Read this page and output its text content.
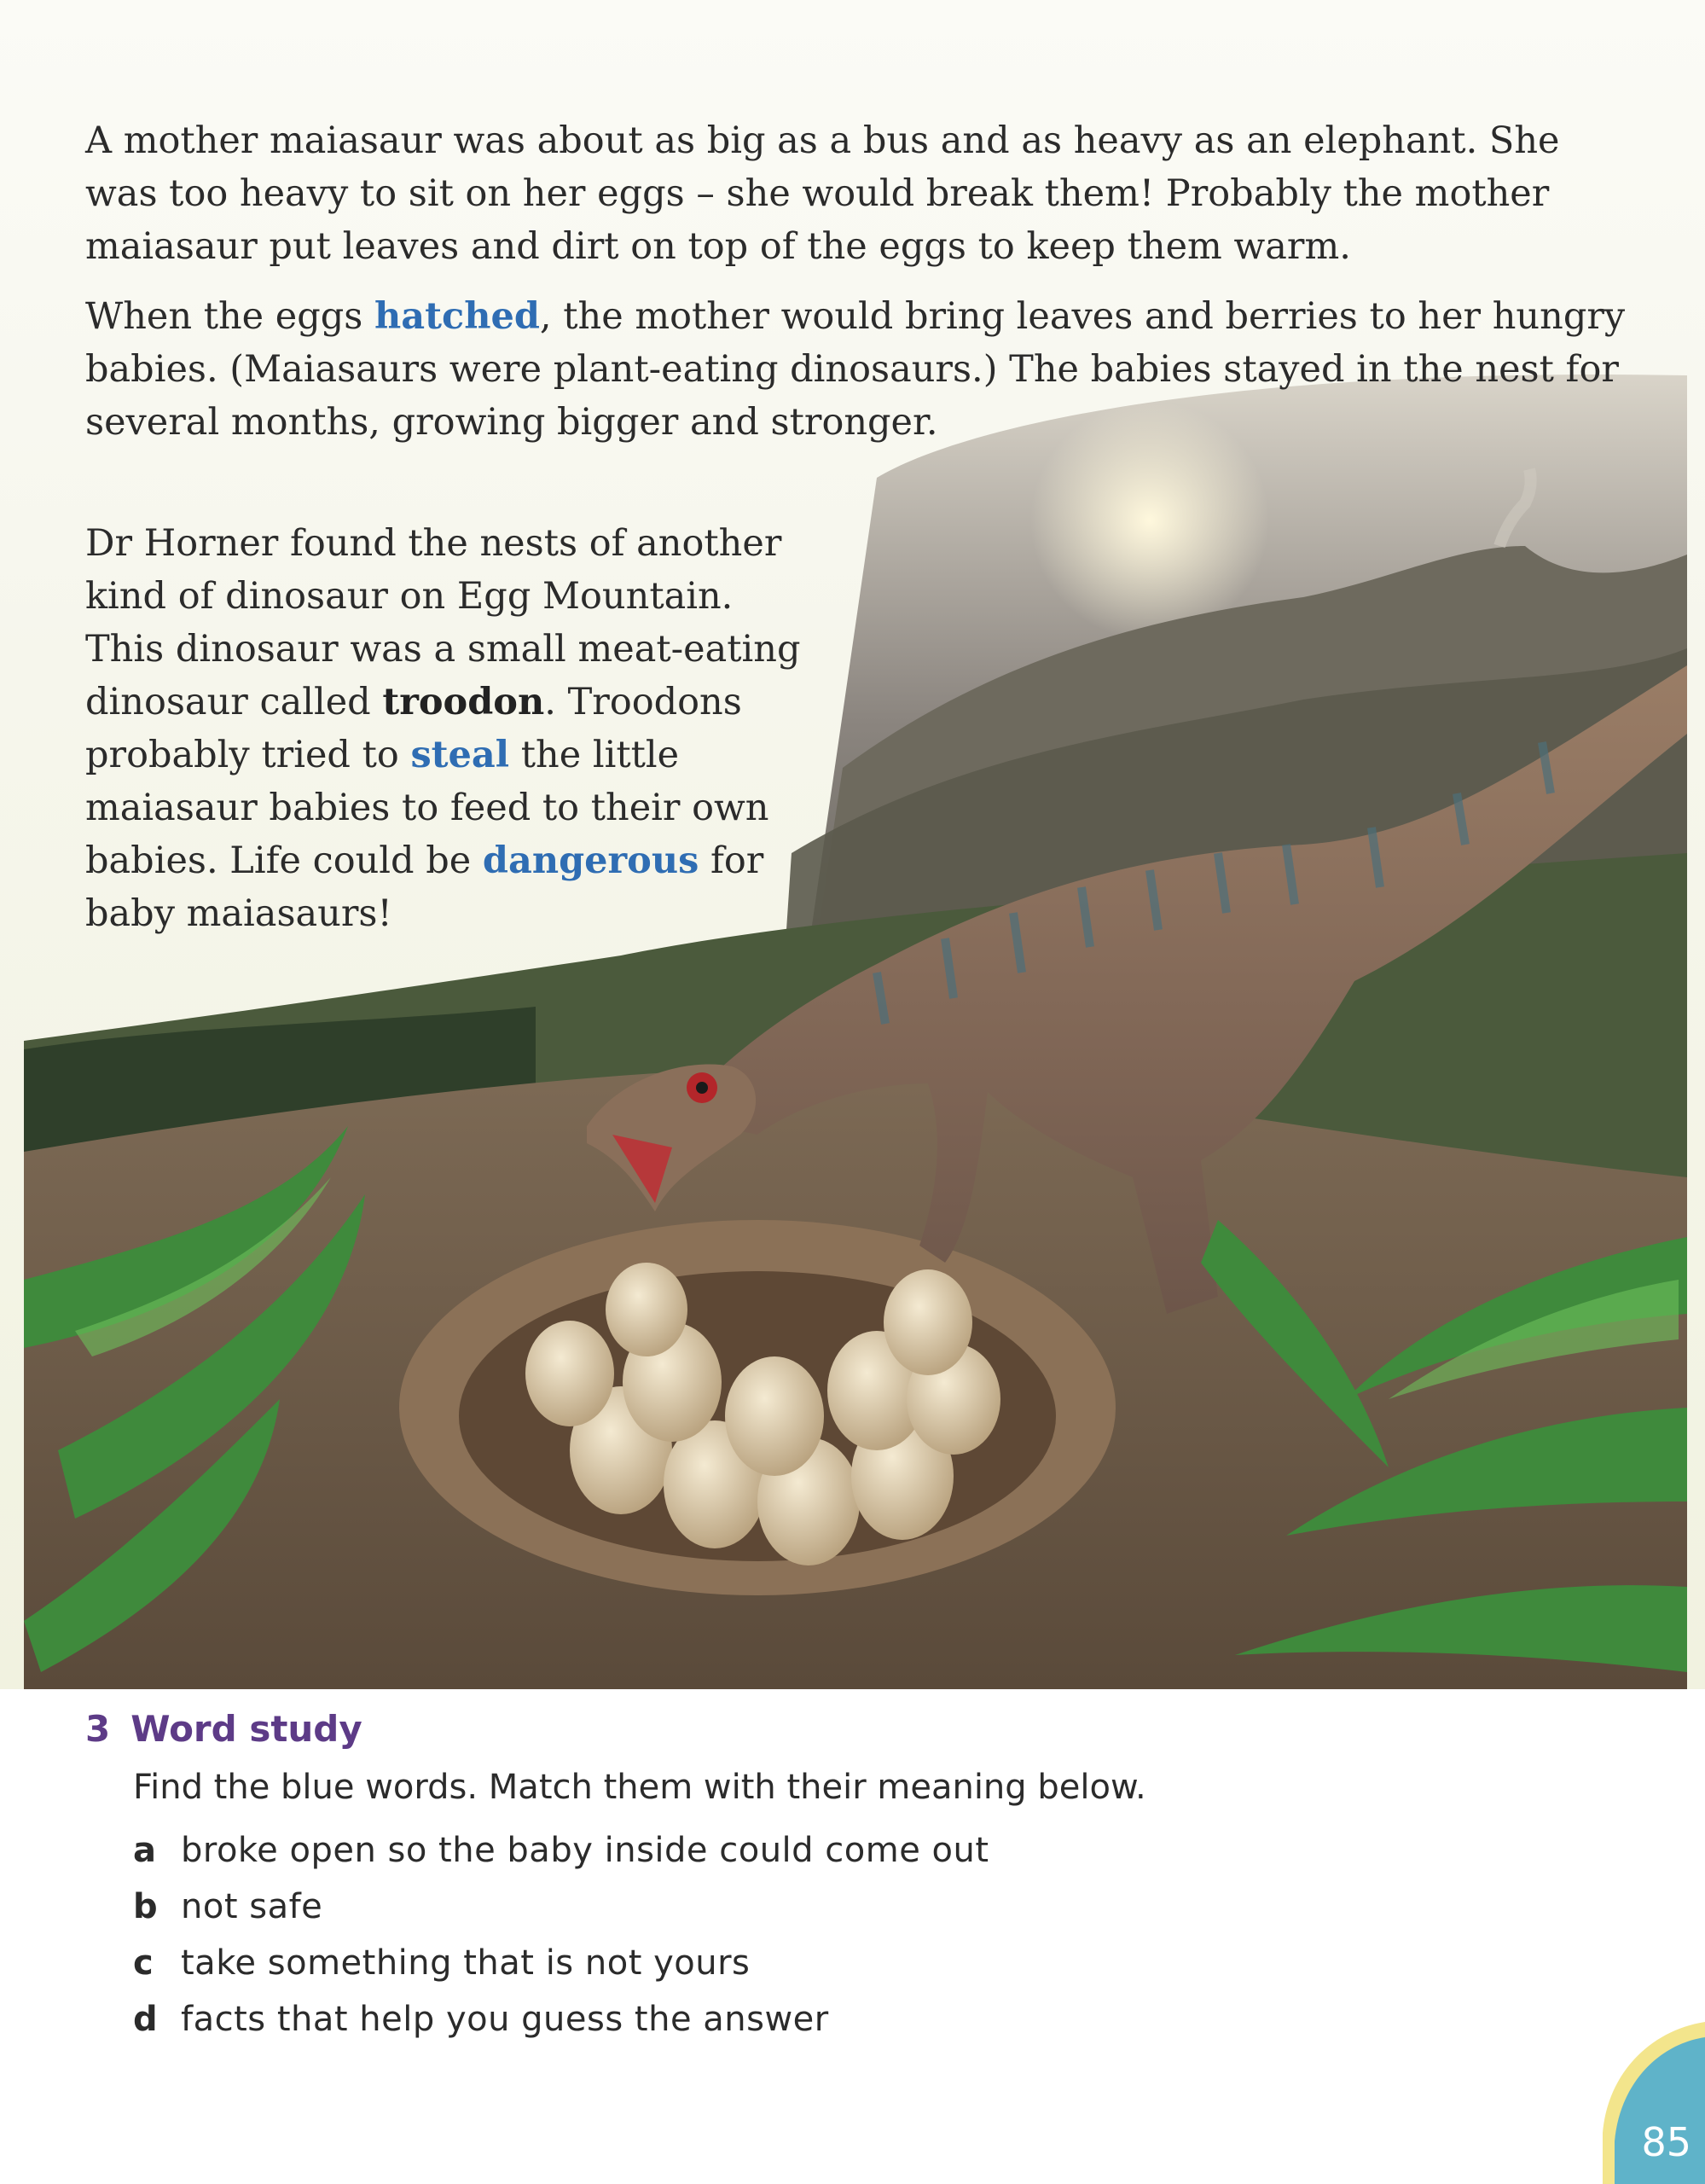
A mother maiasaur was about as big as a bus and as heavy as an elephant. She was too heavy to sit on her eggs – she would break them! Probably the mother maiasaur put leaves and dirt on top of the eggs to keep them warm.

When the eggs hatched, the mother would bring leaves and berries to her hungry babies. (Maiasaurs were plant-eating dinosaurs.) The babies stayed in the nest for several months, growing bigger and stronger.

Dr Horner found the nests of another kind of dinosaur on Egg Mountain. This dinosaur was a small meat-eating dinosaur called troodon. Troodons probably tried to steal the little maiasaur babies to feed to their own babies. Life could be dangerous for baby maiasaurs!

3 Word study

Find the blue words. Match them with their meaning below.

a broke open so the baby inside could come out
b not safe
c take something that is not yours
d facts that help you guess the answer
85
